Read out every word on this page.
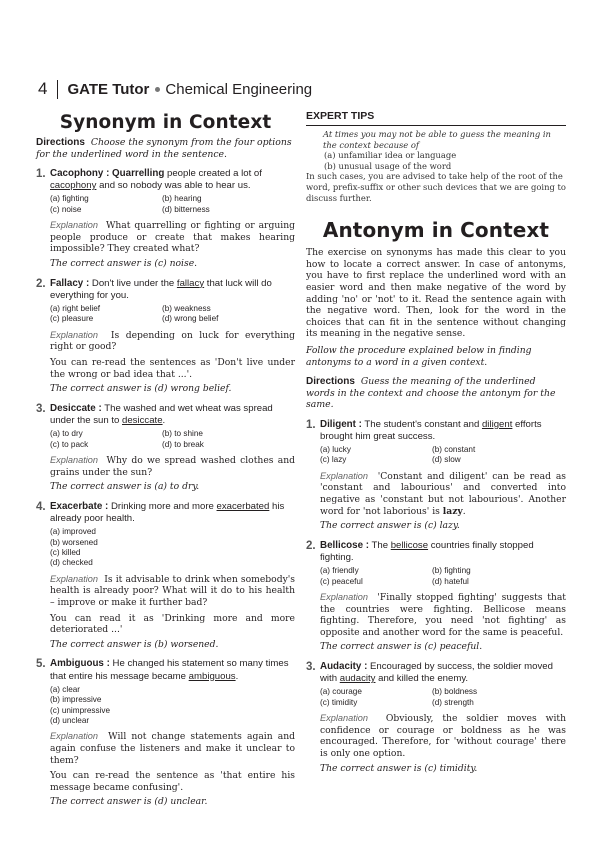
4 GATE Tutor Chemical Engineering
Synonym in Context
Directions Choose the synonym from the four options for the underlined word in the sentence.
1. Cacophony : Quarrelling people created a lot of cacophony and so nobody was able to hear us.
(a) fighting	(b) hearing
(c) noise	(d) bitterness
Explanation What quarrelling or fighting or arguing people produce or create that makes hearing impossible? They created what?
The correct answer is (c) noise.
2. Fallacy : Don't live under the fallacy that luck will do everything for you.
(a) right belief	(b) weakness
(c) pleasure	(d) wrong belief
Explanation Is depending on luck for everything right or good?
You can re-read the sentences as 'Don't live under the wrong or bad idea that ...'.
The correct answer is (d) wrong belief.
3. Desiccate : The washed and wet wheat was spread under the sun to desiccate.
(a) to dry	(b) to shine
(c) to pack	(d) to break
Explanation Why do we spread washed clothes and grains under the sun?
The correct answer is (a) to dry.
4. Exacerbate : Drinking more and more exacerbated his already poor health.
(a) improved
(b) worsened
(c) killed
(d) checked
Explanation Is it advisable to drink when somebody's health is already poor? What will it do to his health – improve or make it further bad?
You can read it as 'Drinking more and more deteriorated ...'
The correct answer is (b) worsened.
5. Ambiguous : He changed his statement so many times that entire his message became ambiguous.
(a) clear
(b) impressive
(c) unimpressive
(d) unclear
Explanation Will not change statements again and again confuse the listeners and make it unclear to them?
You can re-read the sentence as 'that entire his message became confusing'.
The correct answer is (d) unclear.
EXPERT TIPS
At times you may not be able to guess the meaning in the context because of
(a) unfamiliar idea or language
(b) unusual usage of the word
In such cases, you are advised to take help of the root of the word, prefix-suffix or other such devices that we are going to discuss further.
Antonym in Context
The exercise on synonyms has made this clear to you how to locate a correct answer. In case of antonyms, you have to first replace the underlined word with an easier word and then make negative of the word by adding 'no' or 'not' to it. Read the sentence again with the negative word. Then, look for the word in the choices that can fit in the sentence without changing its meaning in the negative sense.
Follow the procedure explained below in finding antonyms to a word in a given context.
Directions Guess the meaning of the underlined words in the context and choose the antonym for the same.
1. Diligent : The student's constant and diligent efforts brought him great success.
(a) lucky	(b) constant
(c) lazy	(d) slow
Explanation 'Constant and diligent' can be read as 'constant and labourious' and converted into negative as 'constant but not labourious'. Another word for 'not laborious' is lazy.
The correct answer is (c) lazy.
2. Bellicose : The bellicose countries finally stopped fighting.
(a) friendly	(b) fighting
(c) peaceful	(d) hateful
Explanation 'Finally stopped fighting' suggests that the countries were fighting. Bellicose means fighting. Therefore, you need 'not fighting' as opposite and another word for the same is peaceful.
The correct answer is (c) peaceful.
3. Audacity : Encouraged by success, the soldier moved with audacity and killed the enemy.
(a) courage	(b) boldness
(c) timidity	(d) strength
Explanation Obviously, the soldier moves with confidence or courage or boldness as he was encouraged. Therefore, for 'without courage' there is only one option.
The correct answer is (c) timidity.
